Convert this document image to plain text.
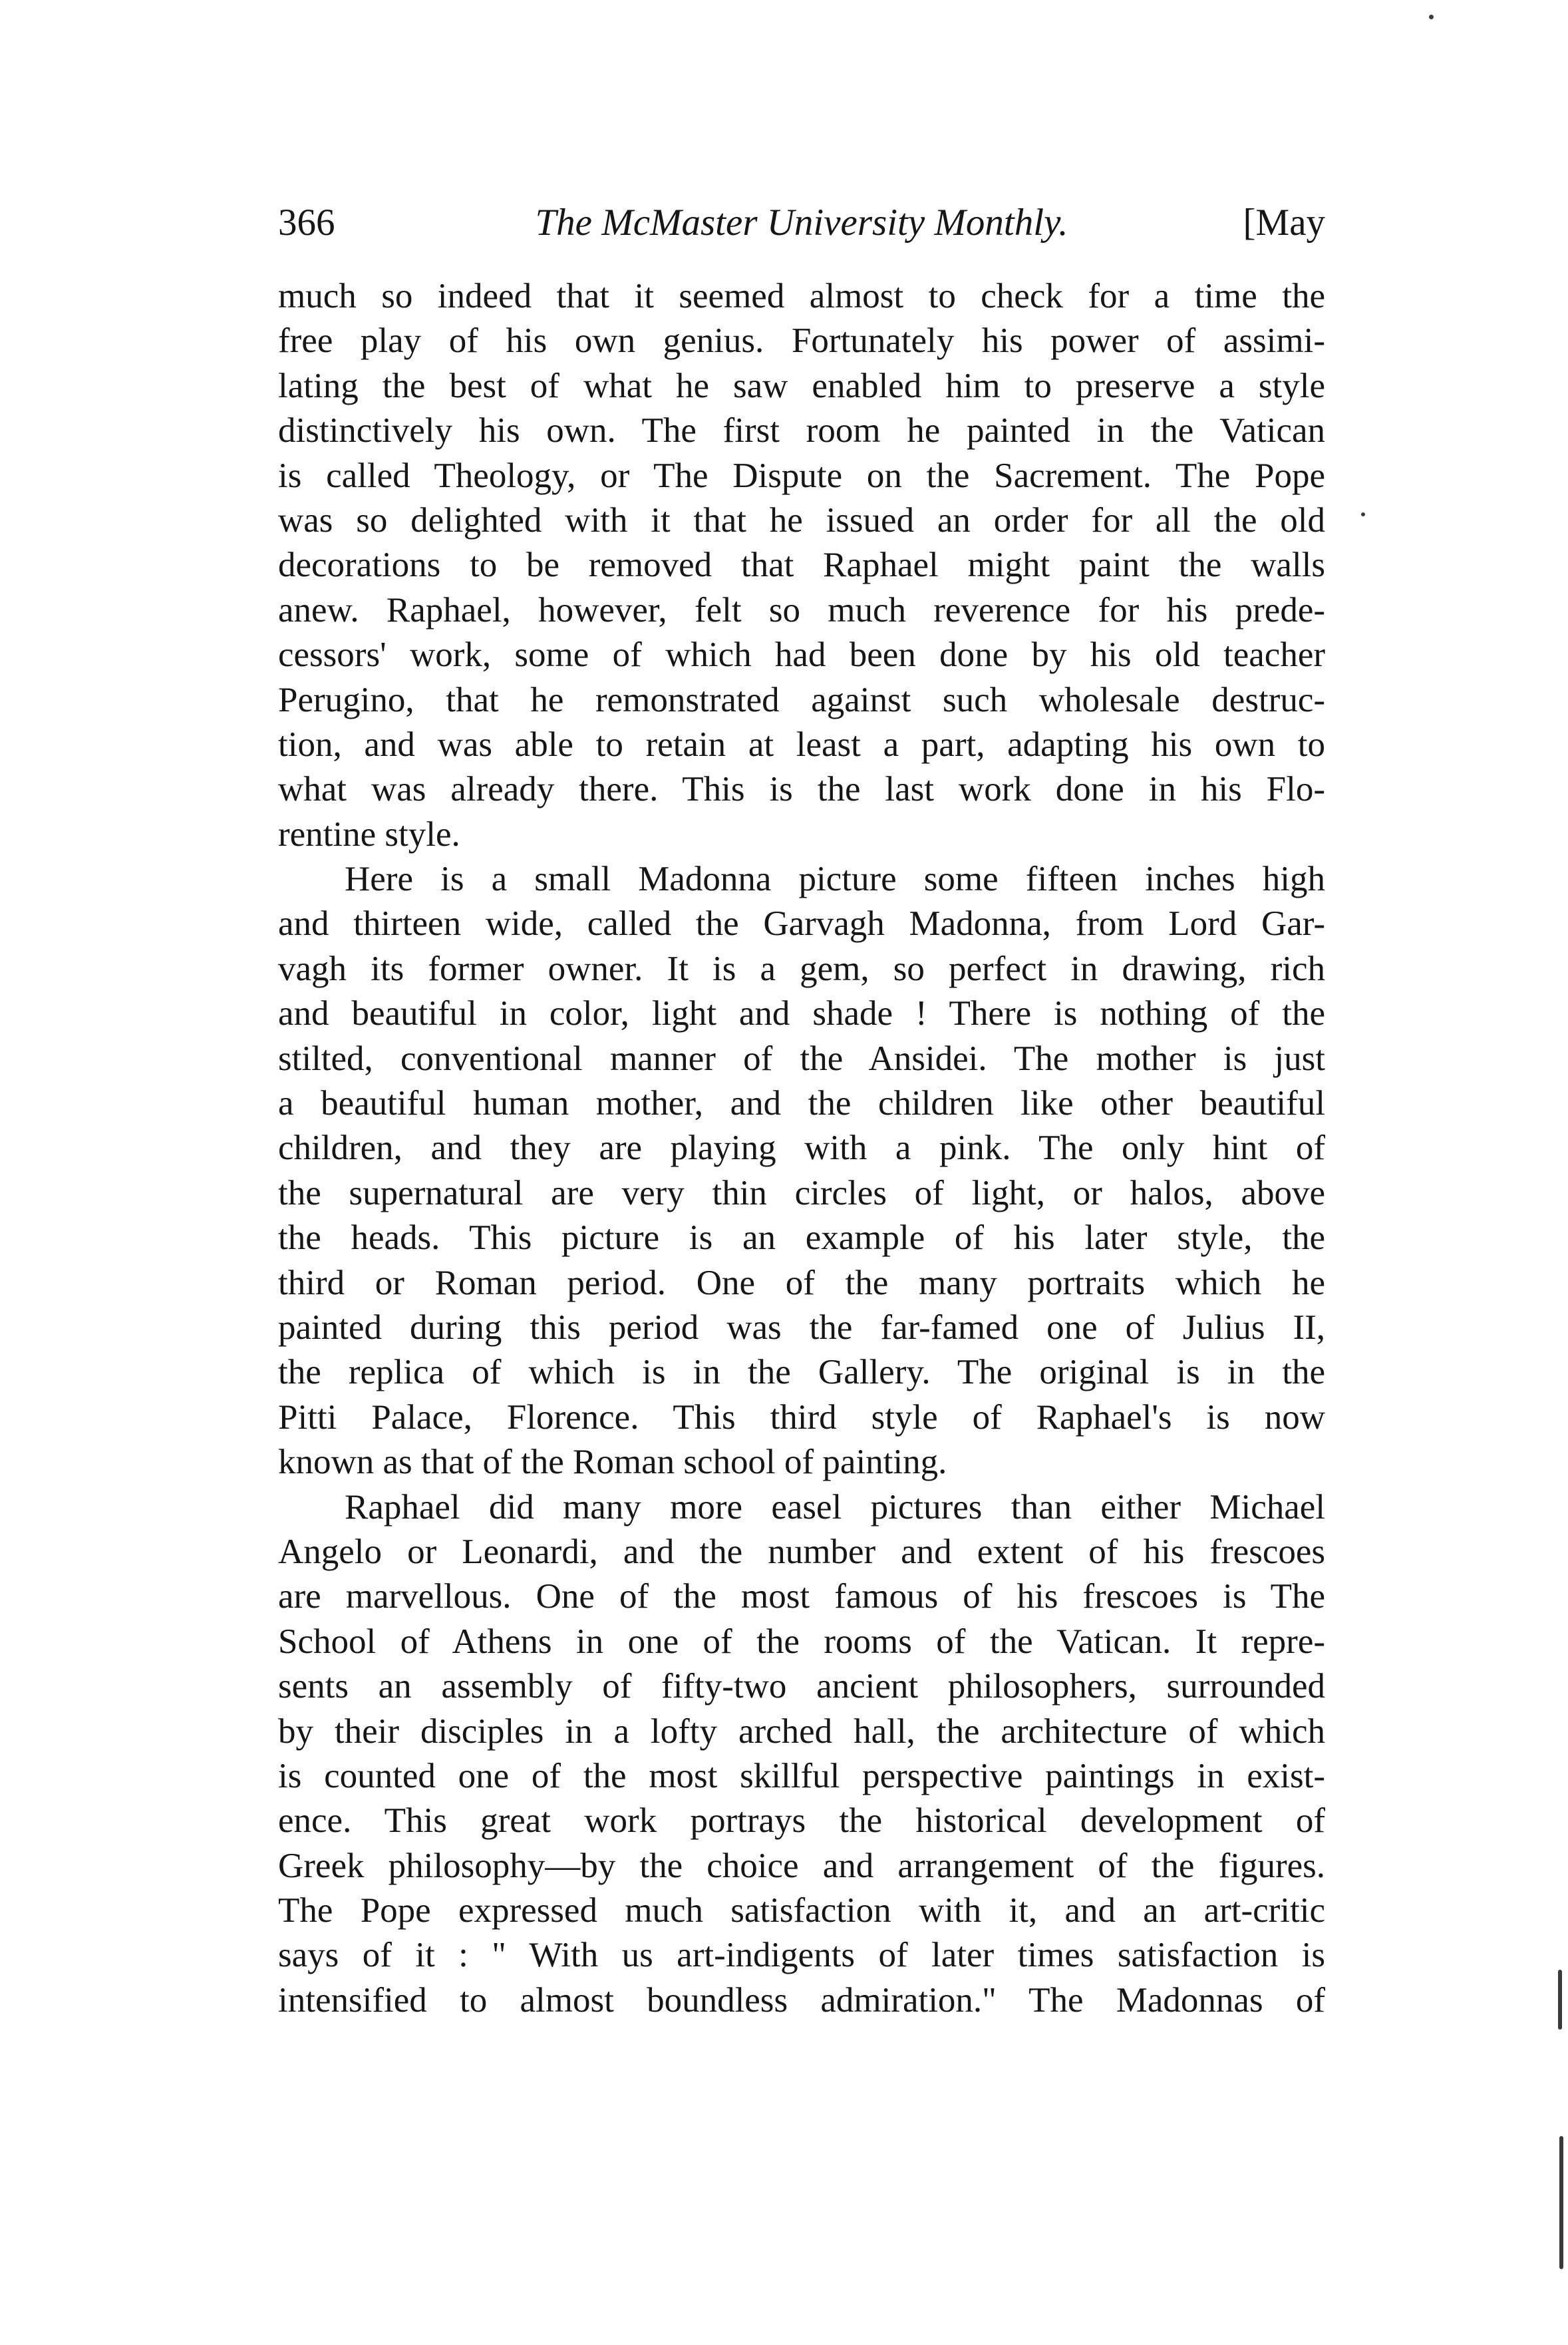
366	The McMaster University Monthly.	[May
much so indeed that it seemed almost to check for a time the
free play of his own genius. Fortunately his power of assimi-
lating the best of what he saw enabled him to preserve a style
distinctively his own. The first room he painted in the Vatican
is called Theology, or The Dispute on the Sacrement. The Pope
was so delighted with it that he issued an order for all the old
decorations to be removed that Raphael might paint the walls
anew. Raphael, however, felt so much reverence for his prede-
cessors' work, some of which had been done by his old teacher
Perugino, that he remonstrated against such wholesale destruc-
tion, and was able to retain at least a part, adapting his own to
what was already there. This is the last work done in his Flo-
rentine style.
Here is a small Madonna picture some fifteen inches high
and thirteen wide, called the Garvagh Madonna, from Lord Gar-
vagh its former owner. It is a gem, so perfect in drawing, rich
and beautiful in color, light and shade ! There is nothing of the
stilted, conventional manner of the Ansidei. The mother is just
a beautiful human mother, and the children like other beautiful
children, and they are playing with a pink. The only hint of
the supernatural are very thin circles of light, or halos, above
the heads. This picture is an example of his later style, the
third or Roman period. One of the many portraits which he
painted during this period was the far-famed one of Julius II,
the replica of which is in the Gallery. The original is in the
Pitti Palace, Florence. This third style of Raphael's is now
known as that of the Roman school of painting.
Raphael did many more easel pictures than either Michael
Angelo or Leonardi, and the number and extent of his frescoes
are marvellous. One of the most famous of his frescoes is The
School of Athens in one of the rooms of the Vatican. It repre-
sents an assembly of fifty-two ancient philosophers, surrounded
by their disciples in a lofty arched hall, the architecture of which
is counted one of the most skillful perspective paintings in exist-
ence. This great work portrays the historical development of
Greek philosophy—by the choice and arrangement of the figures.
The Pope expressed much satisfaction with it, and an art-critic
says of it : " With us art-indigents of later times satisfaction is
intensified to almost boundless admiration." The Madonnas of
